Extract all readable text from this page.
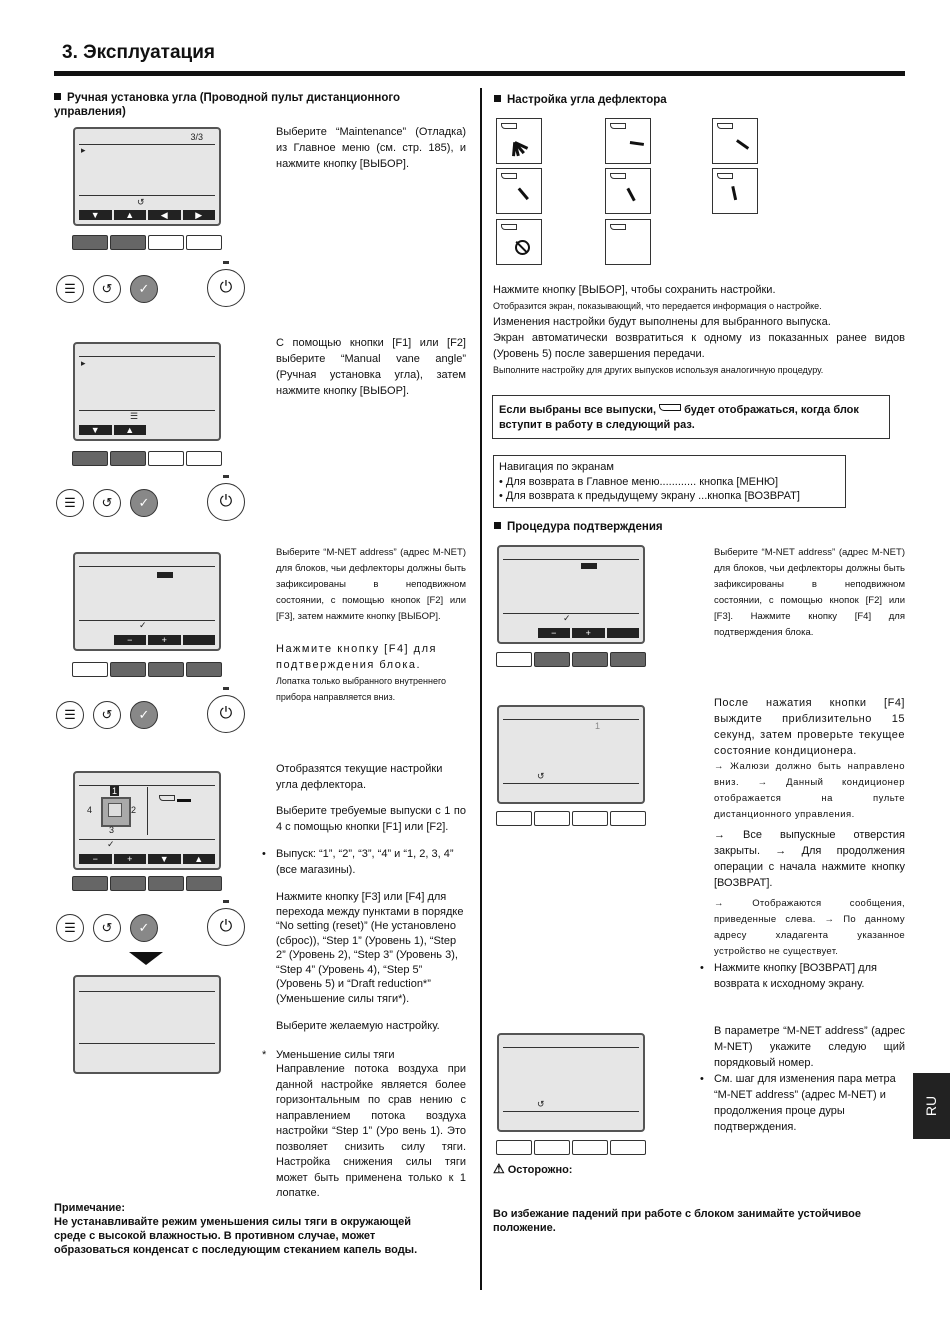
3. Эксплуатация
Ручная установка угла (Проводной пульт дистанционного управления)
3/3
▸
↺
▼	▲	◀	▶
☰	↺	✓	⏻
Выберите “Maintenance” (Отладка) из Главное меню (см. стр. 185), и нажмите кнопку [ВЫБОР].
▸
☰
▼	▲
☰	↺	✓	⏻
С помощью кнопки [F1] или [F2] выберите “Manual vane angle” (Ручная установка угла), затем нажмите кнопку [ВЫБОР].
✓
−	+
☰	↺	✓	⏻
Выберите “M-NET address” (адрес M-NET) для блоков, чьи дефлекторы должны быть зафиксированы в неподвижном состоянии, с помощью кнопок [F2] или [F3], затем нажмите кнопку [ВЫБОР].
Нажмите кнопку [F4] для подтверждения блока.
Лопатка только выбранного внутреннего прибора направляется вниз.
1
2
3
4
✓
−	+	▼	▲
☰	↺	✓	⏻
Отобразятся текущие настройки угла дефлектора.
Выберите требуемые выпуски с 1 по 4 с помощью кнопки [F1] или [F2].
• Выпуск: “1”, “2”, “3”, “4” и “1, 2, 3, 4” (все магазины).
Нажмите кнопку [F3] или [F4] для перехода между пунктами в порядке “No setting (reset)” (Не установлено (сброс)), “Step 1” (Уровень 1), “Step 2” (Уровень 2), “Step 3” (Уровень 3), “Step 4” (Уровень 4), “Step 5” (Уровень 5) и “Draft reduction*” (Уменьшение силы тяги*).
Выберите желаемую настройку.
* Уменьшение силы тяги
Направление потока воздуха при данной настройке является более горизонтальным по срав нению с направлением потока воздуха настройки “Step 1” (Уро вень 1). Это позволяет снизить силу тяги. Настройка снижения силы тяги может быть применена только к 1 лопатке.
Примечание:
Не устанавливайте режим уменьшения силы тяги в окружающей среде с высокой влажностью. В противном случае, может образоваться конденсат с последующим стеканием капель воды.
Настройка угла дефлектора
Нажмите кнопку [ВЫБОР], чтобы сохранить настройки.
Отобразится экран, показывающий, что передается информация о настройке.
Изменения настройки будут выполнены для выбранного выпуска.
Экран автоматически возвратиться к одному из показанных ранее видов (Уровень 5) после завершения передачи.
Выполните настройку для других выпусков используя аналогичную процедуру.
Если выбраны все выпуски,	будет отображаться, когда блок вступит в работу в следующий раз.
Навигация по экранам
• Для возврата в Главное меню............ кнопка [МЕНЮ]
• Для возврата к предыдущему экрану ...кнопка [ВОЗВРАТ]
Процедура подтверждения
✓
−	+
Выберите “M-NET address” (адрес M-NET) для блоков, чьи дефлекторы должны быть зафиксированы в неподвижном состоянии, с помощью кнопок [F2] или [F3]. Нажмите кнопку [F4] для подтверждения блока.
1
↺
После нажатия кнопки [F4] выждите приблизительно 15 секунд, затем проверьте текущее состояние кондиционера.
→ Жалюзи должно быть направлено вниз. → Данный кондиционер отображается на пульте дистанционного управления.
→ Все выпускные отверстия закрыты. → Для продолжения операции с начала нажмите кнопку [ВОЗВРАТ].
→ Отображаются сообщения, приведенные слева. → По данному адресу хладагента указанное устройство не существует.
• Нажмите кнопку [ВОЗВРАТ] для возврата к исходному экрану.
↺
В параметре “M-NET address” (адрес M-NET) укажите следую щий порядковый номер.
• См. шаг для изменения пара метра “M-NET address” (адрес M-NET) и продолжения проце дуры подтверждения.
⚠ Осторожно:
Во избежание падений при работе с блоком занимайте устойчивое положение.
RU
